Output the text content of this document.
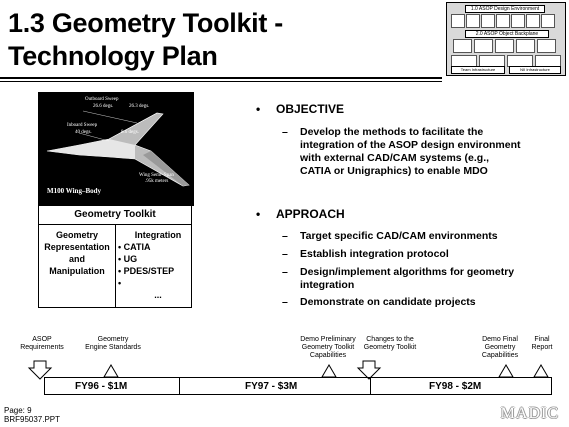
1.3 Geometry Toolkit -
Technology Plan
1.0 ASOP Design Environment
2.0 ASOP Object Backplane
Team Infrastructure	NII Infrastructure
Outboard Sweep
26.6 degs.	26.3 degs.
Inboard Sweep
40 degs.	8.6 degs.
Wing Semi–Span
.95k meters
M100 Wing–Body
Geometry Toolkit
Geometry
Representation
and
Manipulation
Integration
• CATIA
• UG
• PDES/STEP
•
...
• OBJECTIVE
– Develop the methods to facilitate the
integration of the ASOP design environment
with external CAD/CAM systems (e.g.,
CATIA or Unigraphics) to enable MDO
• APPROACH
– Target specific CAD/CAM environments
– Establish integration protocol
– Design/implement algorithms for geometry
integration
– Demonstrate on candidate projects
ASOP
Requirements
Geometry
Engine Standards
Demo Preliminary
Geometry Toolkit
Capabilities
Changes to the
Geometry Toolkit
Demo Final
Geometry
Capabilities
Final
Report
FY96 - $1M	FY97 - $3M	FY98 - $2M
Page: 9
BRF95037.PPT	MADIC
